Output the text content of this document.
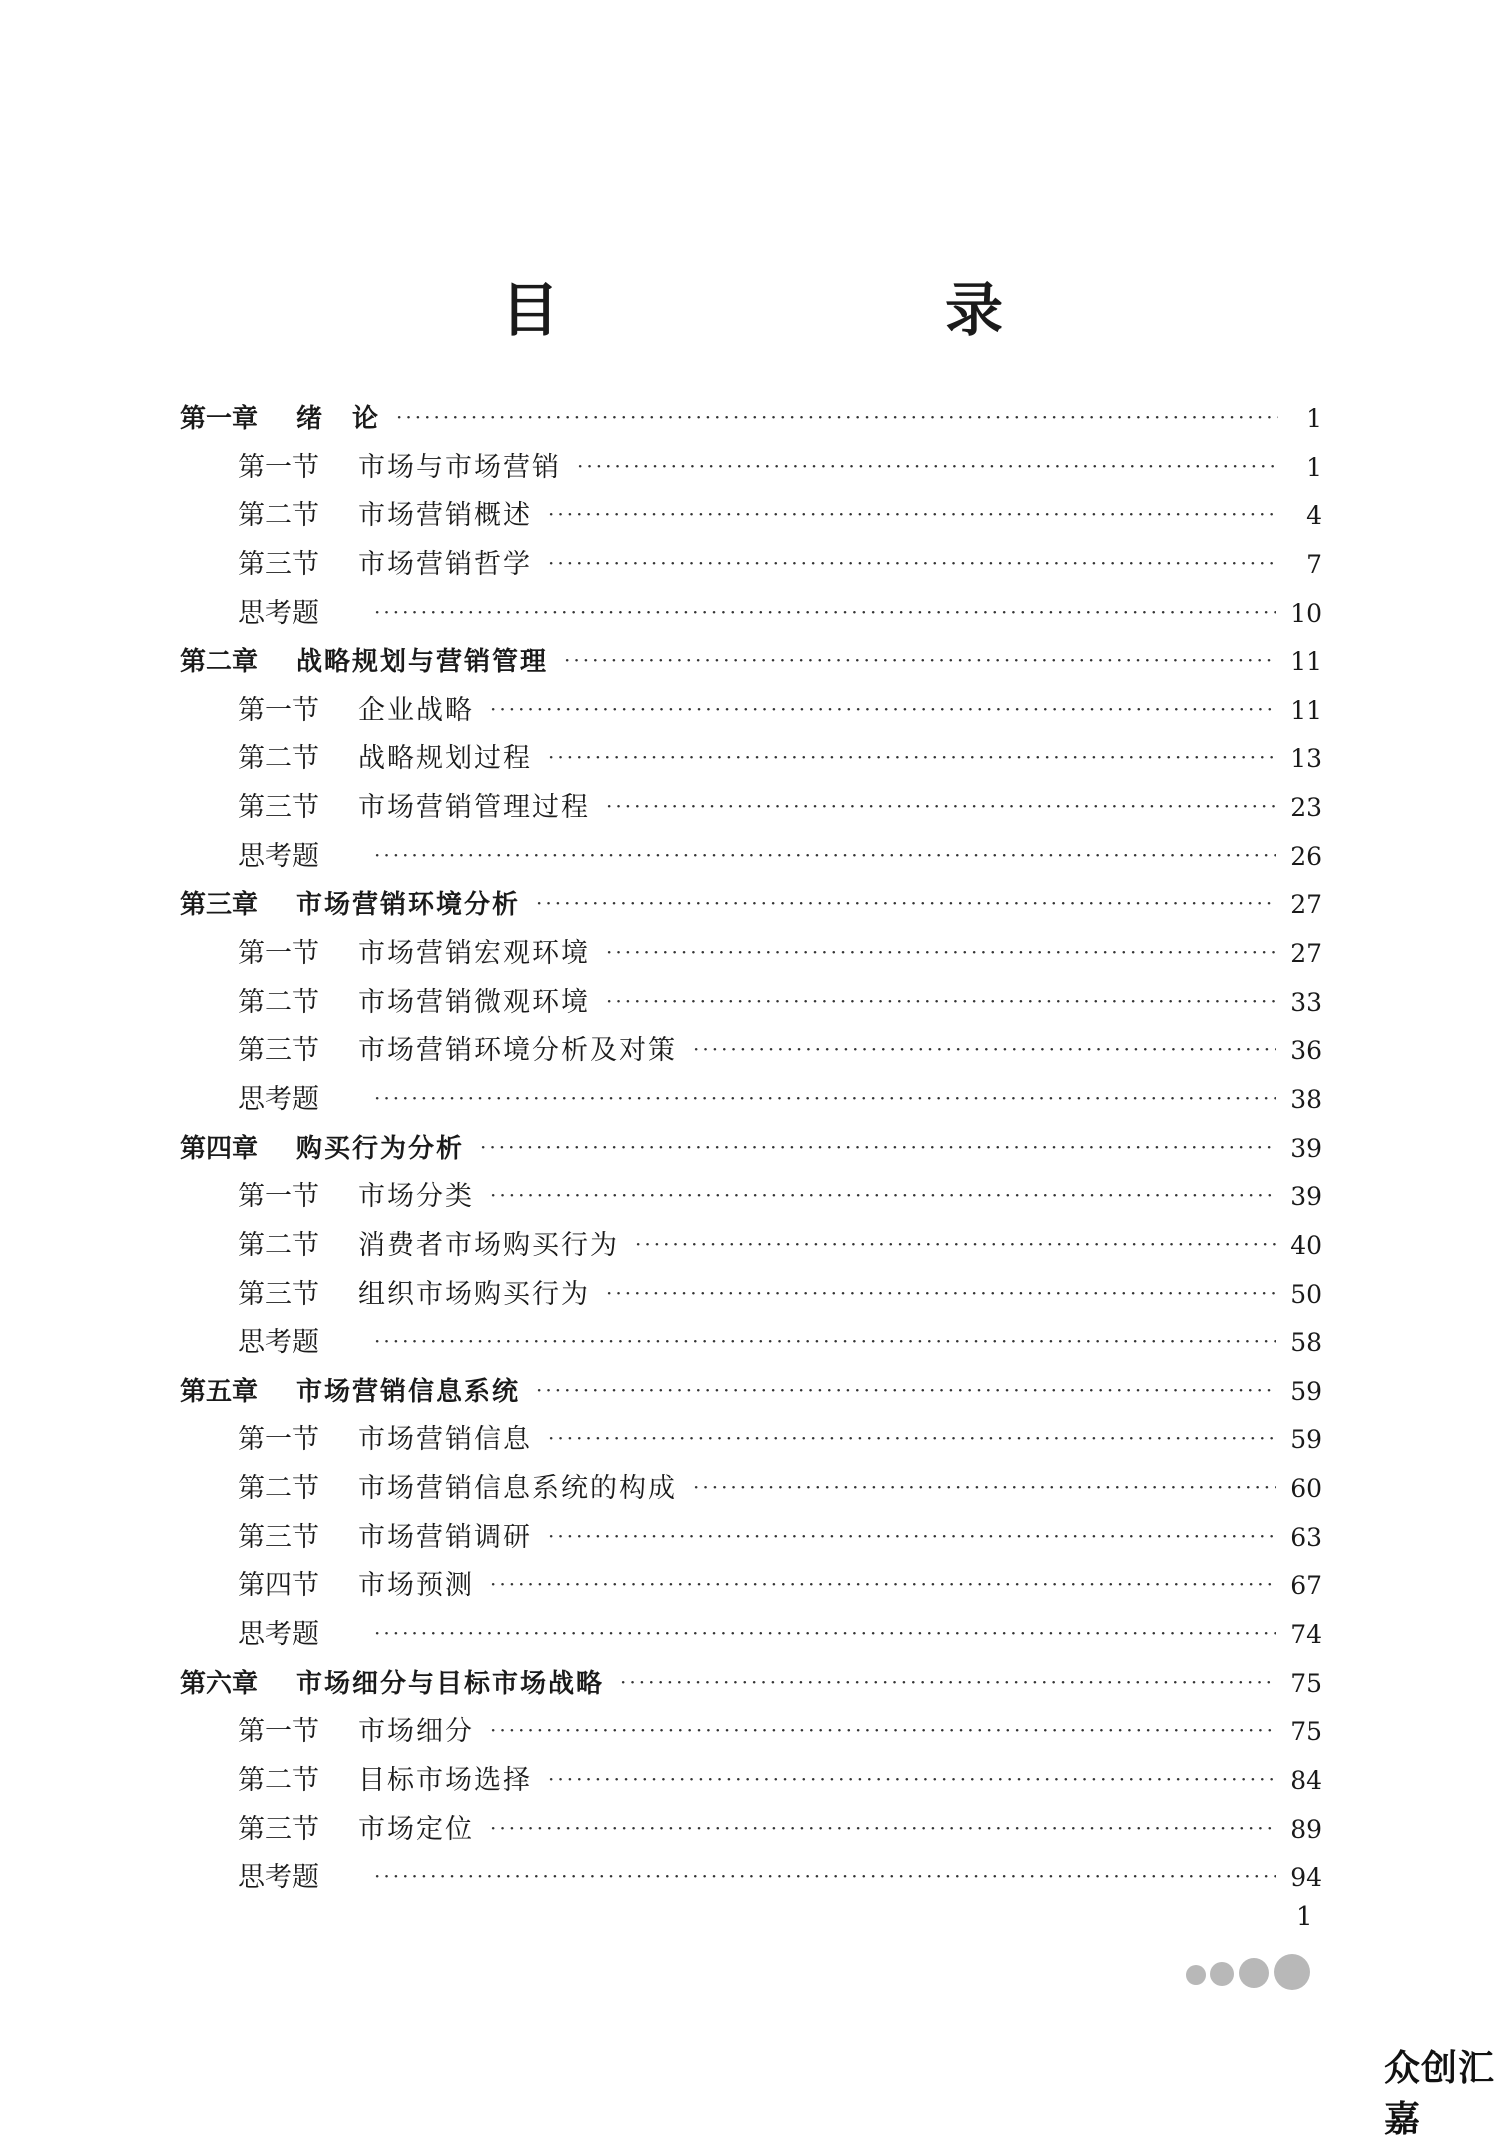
目　　录
第一章	绪　论 ·····	1
第一节	市场与市场营销 ·····	1
第二节	市场营销概述 ·····	4
第三节	市场营销哲学 ·····	7
思考题 ·····	10
第二章	战略规划与营销管理 ·····	11
第一节	企业战略 ·····	11
第二节	战略规划过程 ·····	13
第三节	市场营销管理过程 ·····	23
思考题 ·····	26
第三章	市场营销环境分析 ·····	27
第一节	市场营销宏观环境 ·····	27
第二节	市场营销微观环境 ·····	33
第三节	市场营销环境分析及对策 ·····	36
思考题 ·····	38
第四章	购买行为分析 ·····	39
第一节	市场分类 ·····	39
第二节	消费者市场购买行为 ·····	40
第三节	组织市场购买行为 ·····	50
思考题 ·····	58
第五章	市场营销信息系统 ·····	59
第一节	市场营销信息 ·····	59
第二节	市场营销信息系统的构成 ·····	60
第三节	市场营销调研 ·····	63
第四节	市场预测 ·····	67
思考题 ·····	74
第六章	市场细分与目标市场战略 ·····	75
第一节	市场细分 ·····	75
第二节	目标市场选择 ·····	84
第三节	市场定位 ·····	89
思考题 ·····	94
1
众创汇嘉
